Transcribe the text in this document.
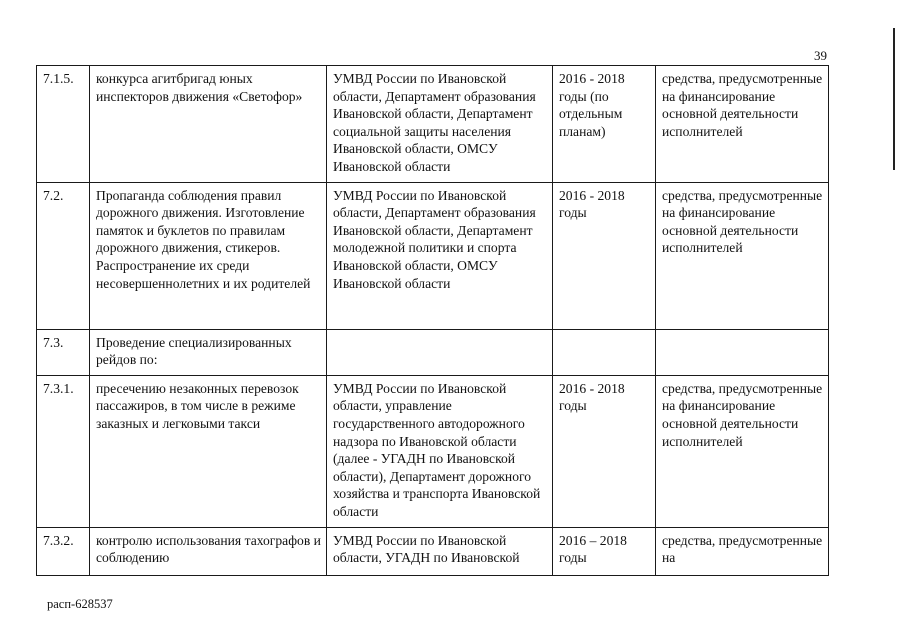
39
7.1.5.	конкурса агитбригад юных инспекторов движения «Светофор»	УМВД России по Ивановской области, Департамент образования Ивановской области, Департамент социальной защиты населения Ивановской области, ОМСУ Ивановской области	2016 - 2018 годы (по отдельным планам)	средства, предусмотренные на финансирование основной деятельности исполнителей
7.2.	Пропаганда соблюдения правил дорожного движения. Изготовление памяток и буклетов по правилам дорожного движения, стикеров. Распространение их среди несовершеннолетних и их родителей	УМВД России по Ивановской области, Департамент образования Ивановской области, Департамент молодежной политики и спорта Ивановской области, ОМСУ Ивановской области	2016 - 2018 годы	средства, предусмотренные на финансирование основной деятельности исполнителей
7.3.	Проведение специализированных рейдов по:			
7.3.1.	пресечению незаконных перевозок пассажиров, в том числе в режиме заказных и легковыми такси	УМВД России по Ивановской области, управление государственного автодорожного надзора по Ивановской области (далее - УГАДН по Ивановской области), Департамент дорожного хозяйства и транспорта Ивановской области	2016 - 2018 годы	средства, предусмотренные на финансирование основной деятельности исполнителей
7.3.2.	контролю использования тахографов и соблюдению	УМВД России по Ивановской области, УГАДН по Ивановской	2016 – 2018 годы	средства, предусмотренные на
расп-628537
